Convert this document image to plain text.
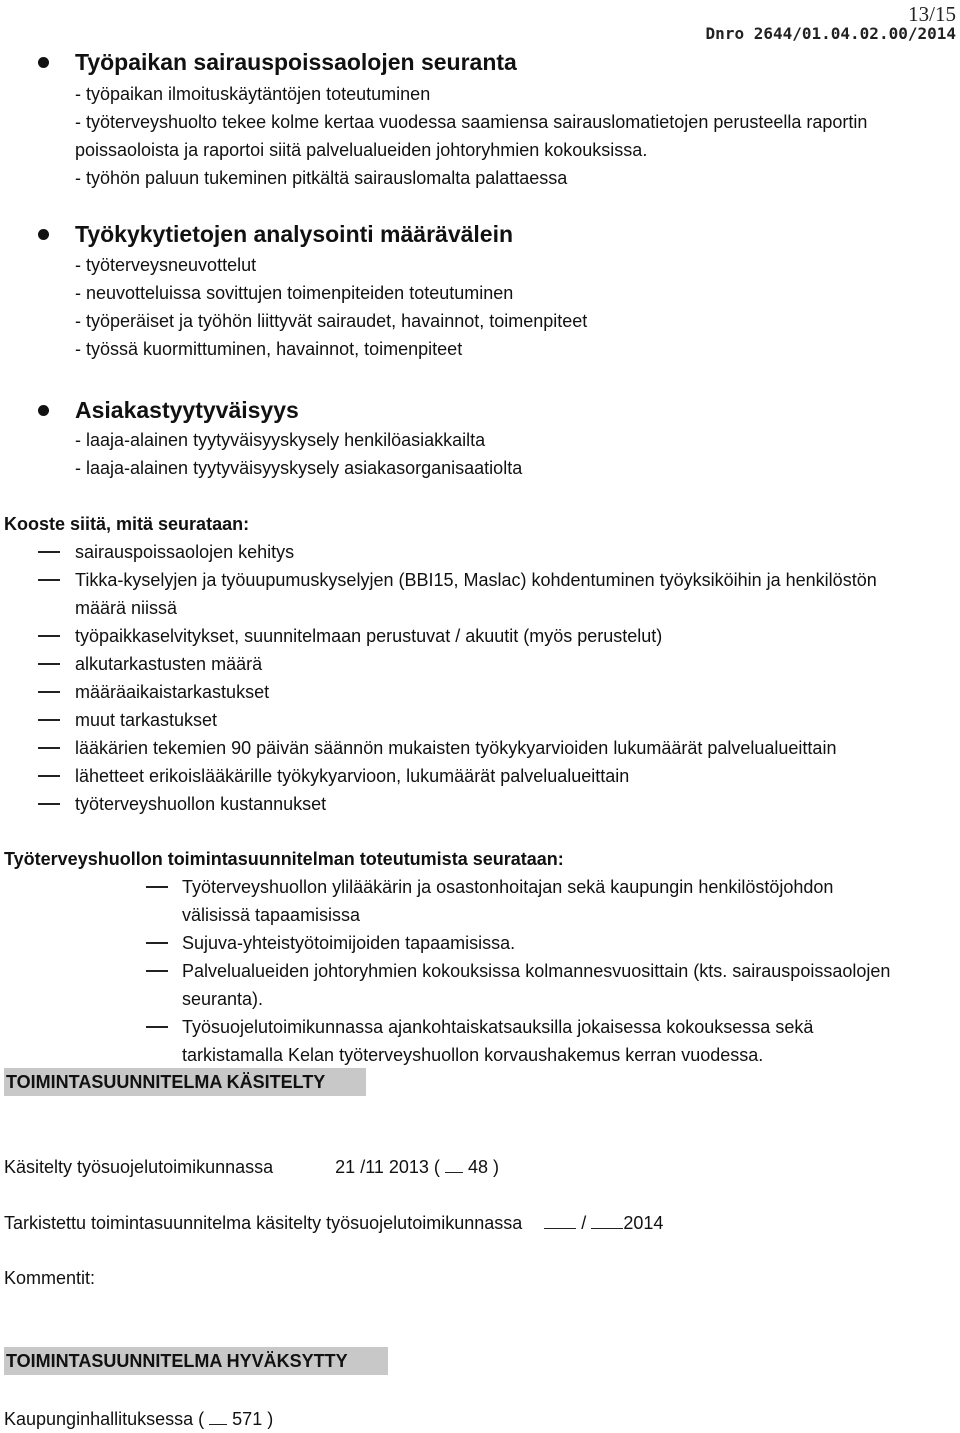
13/15
Dnro 2644/01.04.02.00/2014
Työpaikan sairauspoissaolojen seuranta
- työpaikan ilmoituskäytäntöjen toteutuminen
- työterveyshuolto tekee kolme kertaa vuodessa saamiensa sairauslomatietojen perusteella raportin
poissaoloista ja raportoi siitä palvelualueiden johtoryhmien kokouksissa.
- työhön paluun tukeminen pitkältä sairauslomalta palattaessa
Työkykytietojen analysointi määrävälein
- työterveysneuvottelut
- neuvotteluissa sovittujen toimenpiteiden toteutuminen
- työperäiset ja työhön liittyvät sairaudet, havainnot, toimenpiteet
- työssä kuormittuminen, havainnot, toimenpiteet
Asiakastyytyväisyys
- laaja-alainen tyytyväisyyskysely henkilöasiakkailta
- laaja-alainen tyytyväisyyskysely asiakasorganisaatiolta
Kooste siitä, mitä seurataan:
sairauspoissaolojen kehitys
Tikka-kyselyjen ja työuupumuskyselyjen (BBI15, Maslac) kohdentuminen työyksiköihin ja henkilöstön
määrä niissä
työpaikkaselvitykset, suunnitelmaan perustuvat / akuutit (myös perustelut)
alkutarkastusten määrä
määräaikaistarkastukset
muut tarkastukset
lääkärien tekemien 90 päivän säännön mukaisten työkykyarvioiden lukumäärät palvelualueittain
lähetteet erikoislääkärille työkykyarvioon, lukumäärät palvelualueittain
työterveyshuollon kustannukset
Työterveyshuollon toimintasuunnitelman toteutumista seurataan:
Työterveyshuollon ylilääkärin ja osastonhoitajan sekä kaupungin henkilöstöjohdon
välisissä tapaamisissa
Sujuva-yhteistyötoimijoiden tapaamisissa.
Palvelualueiden johtoryhmien kokouksissa kolmannesvuosittain (kts. sairauspoissaolojen
seuranta).
Työsuojelutoimikunnassa ajankohtaiskatsauksilla jokaisessa kokouksessa sekä
tarkistamalla Kelan työterveyshuollon korvaushakemus kerran vuodessa.
TOIMINTASUUNNITELMA KÄSITELTY
Käsitelty työsuojelutoimikunnassa	21 /11 2013 ( 48 )
Tarkistettu toimintasuunnitelma käsitelty työsuojelutoimikunnassa	/ 2014
Kommentit:
TOIMINTASUUNNITELMA HYVÄKSYTTY
Kaupunginhallituksessa ( 571 )
